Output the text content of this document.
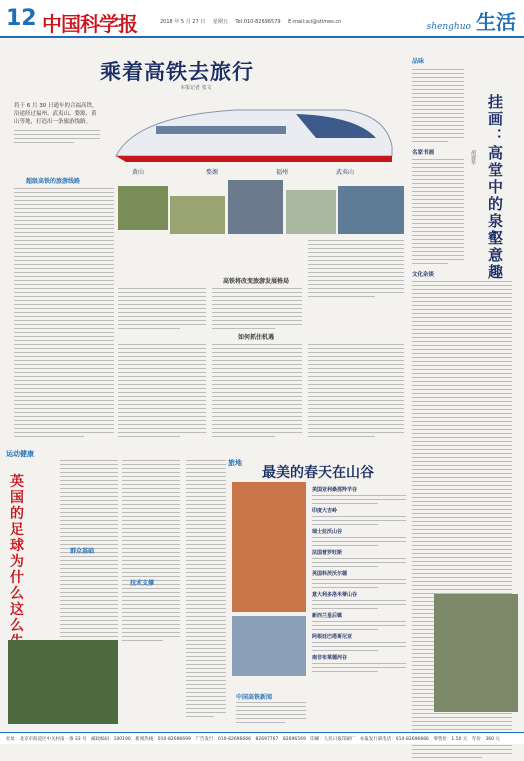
12 中国科学报	2018 年 5 月 27 日 星期五 Tel:010-82696579 E-mail:sci@stimes.cn	shenghuo 生活
乘着高铁去旅行
本报记者 张文
黄山	婺源	福州	武夷山
将于 6 月 30 日通车的合福高铁，沿途经过福州、武夷山、婺源、黄山等地，打造出一条旅游线路。
超级高铁的旅游线路
高铁将改变旅游发展格局
如何抓住机遇
品味
名家书画
文化杂谈	挂画：高堂中的泉壑意趣
胡建华
运动健康
英国的足球为什么这么
群众基础
技术支撑
旅地
最美的春天在山谷
中国高铁新闻
美国亚利桑那羚羊谷
印度大吉岭
瑞士拉沃山谷
法国普罗旺斯
英国科茨沃尔德
意大利多洛米蒂山谷
新西兰皇后镇
阿根廷巴塔哥尼亚
南非布莱德河谷
社址：北京市海淀区中关村南一条 33 号　邮政编码：100190　新闻热线：010-82696699　广告发行：010-82696666　82697767　82696569　印刷：人民日报印刷厂　本报发行部电话：010-82696666　零售价：1.50 元　年价：360 元
